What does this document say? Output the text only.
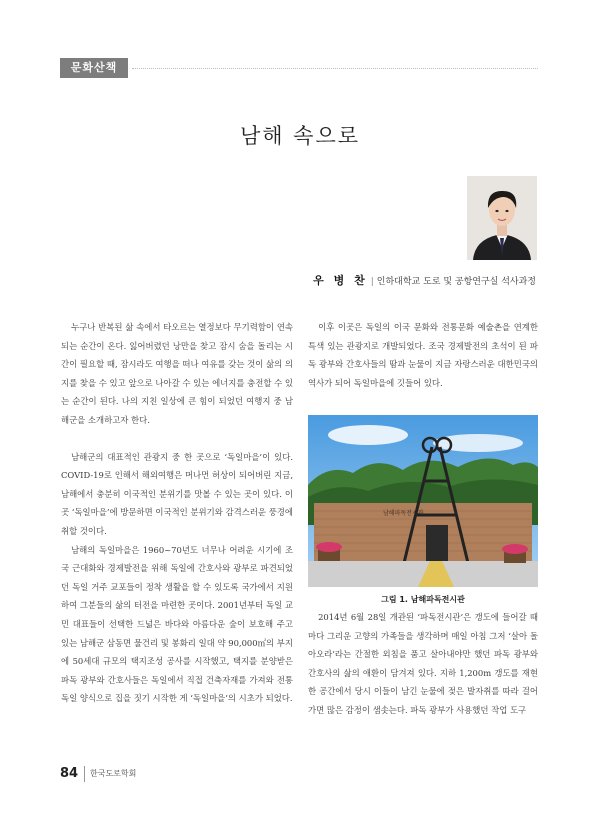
문화산책
남해 속으로
우 병 찬 | 인하대학교 도로 및 공항연구실 석사과정

누구나 반복된 삶 속에서 타오르는 열정보다 무기력함이 연속되는 순간이 온다. 잃어버렸던 낭만을 찾고 잠시 숨을 돌리는 시간이 필요할 때, 잠시라도 여행을 떠나 여유를 갖는 것이 삶의 의지를 찾을 수 있고 앞으로 나아갈 수 있는 에너지를 충전할 수 있는 순간이 된다. 나의 지친 일상에 큰 힘이 되었던 여행지 중 남해군을 소개하고자 한다.

남해군의 대표적인 관광지 중 한 곳으로 ‘독일마을’이 있다. COVID-19로 인해서 해외여행은 머나먼 허상이 되어버린 지금, 남해에서 충분히 이국적인 분위기를 맛볼 수 있는 곳이 있다. 이곳 ‘독일마을’에 방문하면 이국적인 분위기와 감격스러운 풍경에 취할 것이다.

남해의 독일마을은 1960~70년도 너무나 어려운 시기에 조국 근대화와 경제발전을 위해 독일에 간호사와 광부로 파견되었던 독일 거주 교포들이 정착 생활을 할 수 있도록 국가에서 지원하여 그분들의 삶의 터전을 마련한 곳이다. 2001년부터 독일 교민 대표들이 선택한 드넓은 바다와 아름다운 숲이 보호해 주고 있는 남해군 삼동면 물건리 및 봉화리 일대 약 90,000㎡의 부지에 50세대 규모의 택지조성 공사를 시작했고, 택지를 분양받은 파독 광부와 간호사들은 독일에서 직접 건축자재를 가져와 전통 독일 양식으로 집을 짓기 시작한 게 ‘독일마을’의 시초가 되었다.

이후 이곳은 독일의 이국 문화와 전통문화 예술촌을 연계한 특색 있는 관광지로 개발되었다. 조국 경제발전의 초석이 된 파독 광부와 간호사들의 땀과 눈물이 지금 자랑스러운 대한민국의 역사가 되어 독일마을에 깃들어 있다.

남해파독전시관
그림 1. 남해파독전시관

2014년 6월 28일 개관된 ‘파독전시관’은 갱도에 들어갈 때마다 그리운 고향의 가족들을 생각하며 매일 아침 그저 ‘살아 돌아오라’라는 간절한 외침을 품고 살아내야만 했던 파독 광부와 간호사의 삶의 애환이 담겨져 있다. 지하 1,200m 갱도를 재현한 공간에서 당시 이들이 남긴 눈물에 젖은 발자취를 따라 걸어가면 많은 감정이 샘솟는다. 파독 광부가 사용했던 작업 도구

84 한국도로학회
